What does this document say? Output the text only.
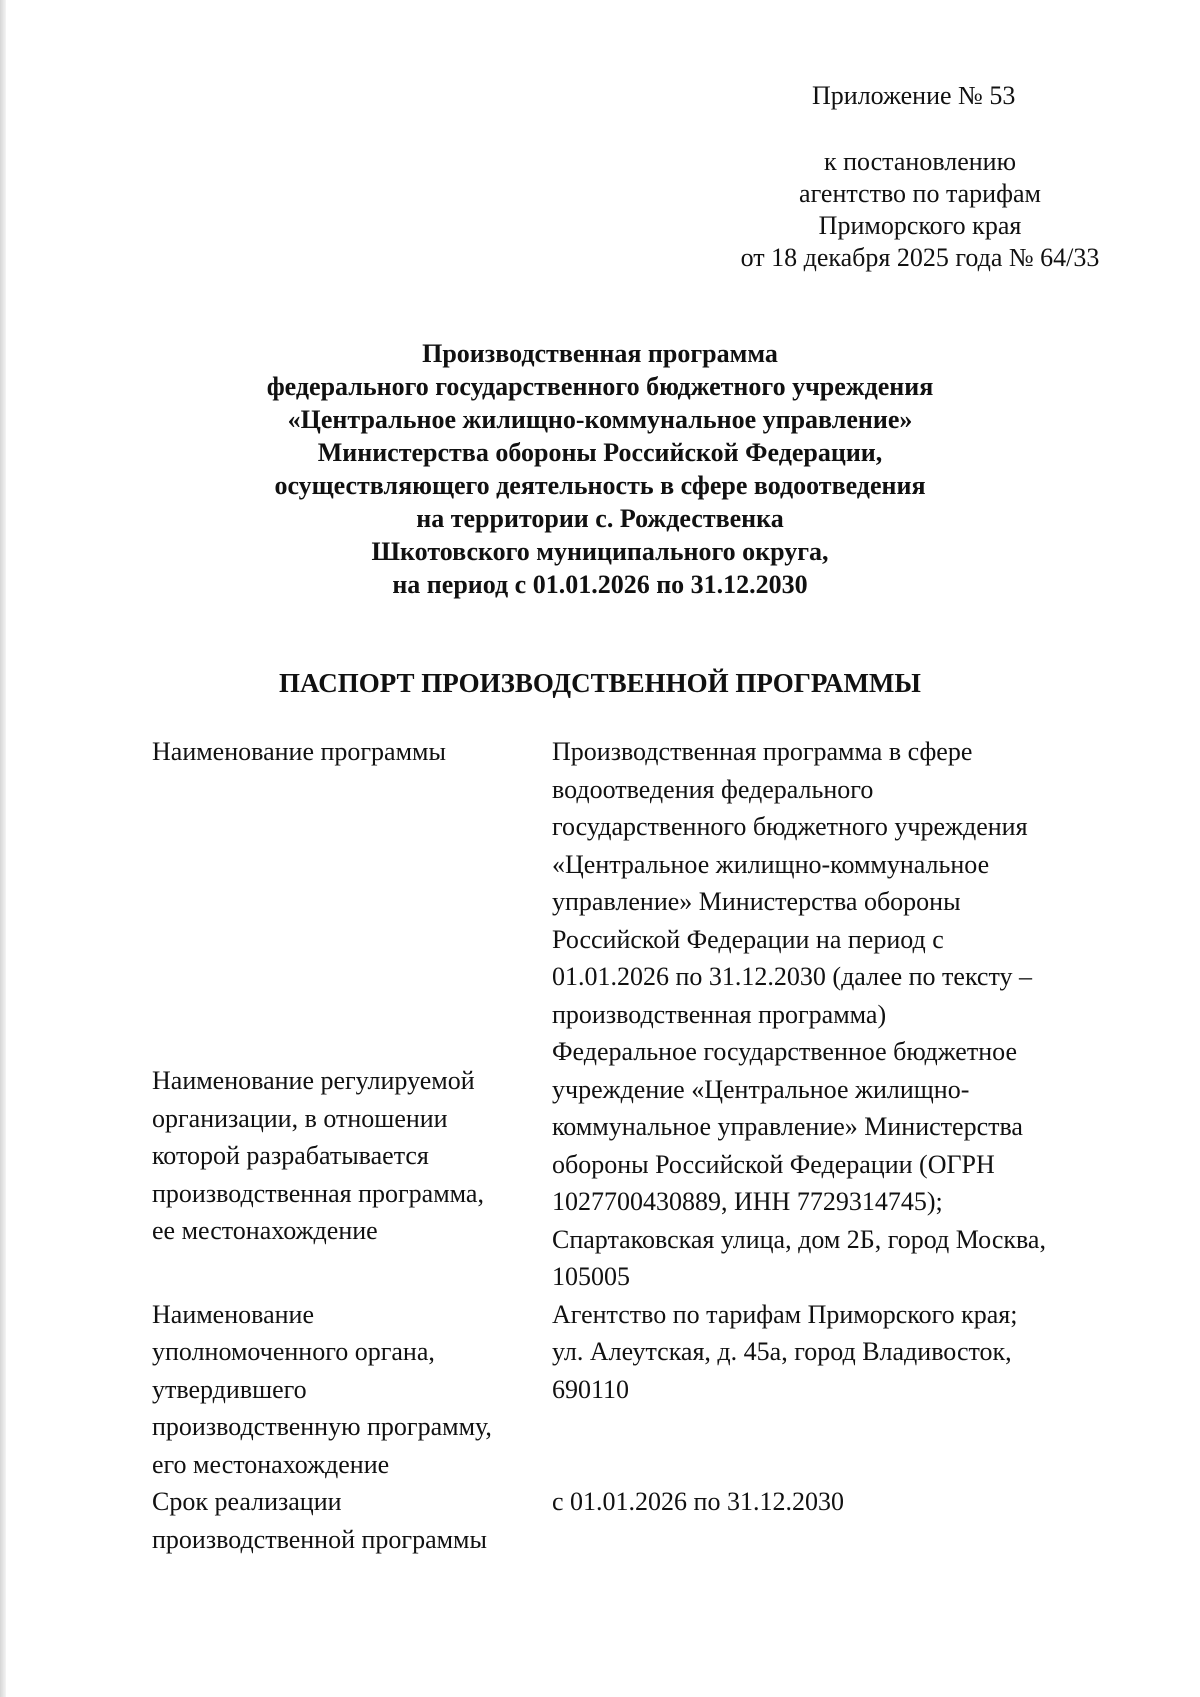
Приложение № 53
к постановлению
агентство по тарифам
Приморского края
от 18 декабря 2025 года № 64/33
Производственная программа
федерального государственного бюджетного учреждения
«Центральное жилищно-коммунальное управление»
Министерства обороны Российской Федерации,
осуществляющего деятельность в сфере водоотведения
на территории с. Рождественка
Шкотовского муниципального округа,
на период с 01.01.2026 по 31.12.2030
ПАСПОРТ ПРОИЗВОДСТВЕННОЙ ПРОГРАММЫ
Наименование программы	Производственная программа в сфере
водоотведения федерального
государственного бюджетного учреждения
«Центральное жилищно-коммунальное
управление» Министерства обороны
Российской Федерации на период с
01.01.2026 по 31.12.2030 (далее по тексту –
производственная программа)
Наименование регулируемой
организации, в отношении
которой разрабатывается
производственная программа,
ее местонахождение
Федеральное государственное бюджетное
учреждение «Центральное жилищно-
коммунальное управление» Министерства
обороны Российской Федерации (ОГРН
1027700430889, ИНН 7729314745);
Спартаковская улица, дом 2Б, город Москва,
105005
Наименование
уполномоченного органа,
утвердившего
производственную программу,
его местонахождение
Агентство по тарифам Приморского края;
ул. Алеутская, д. 45а, город Владивосток,
690110
Срок реализации
производственной программы
с 01.01.2026 по 31.12.2030
